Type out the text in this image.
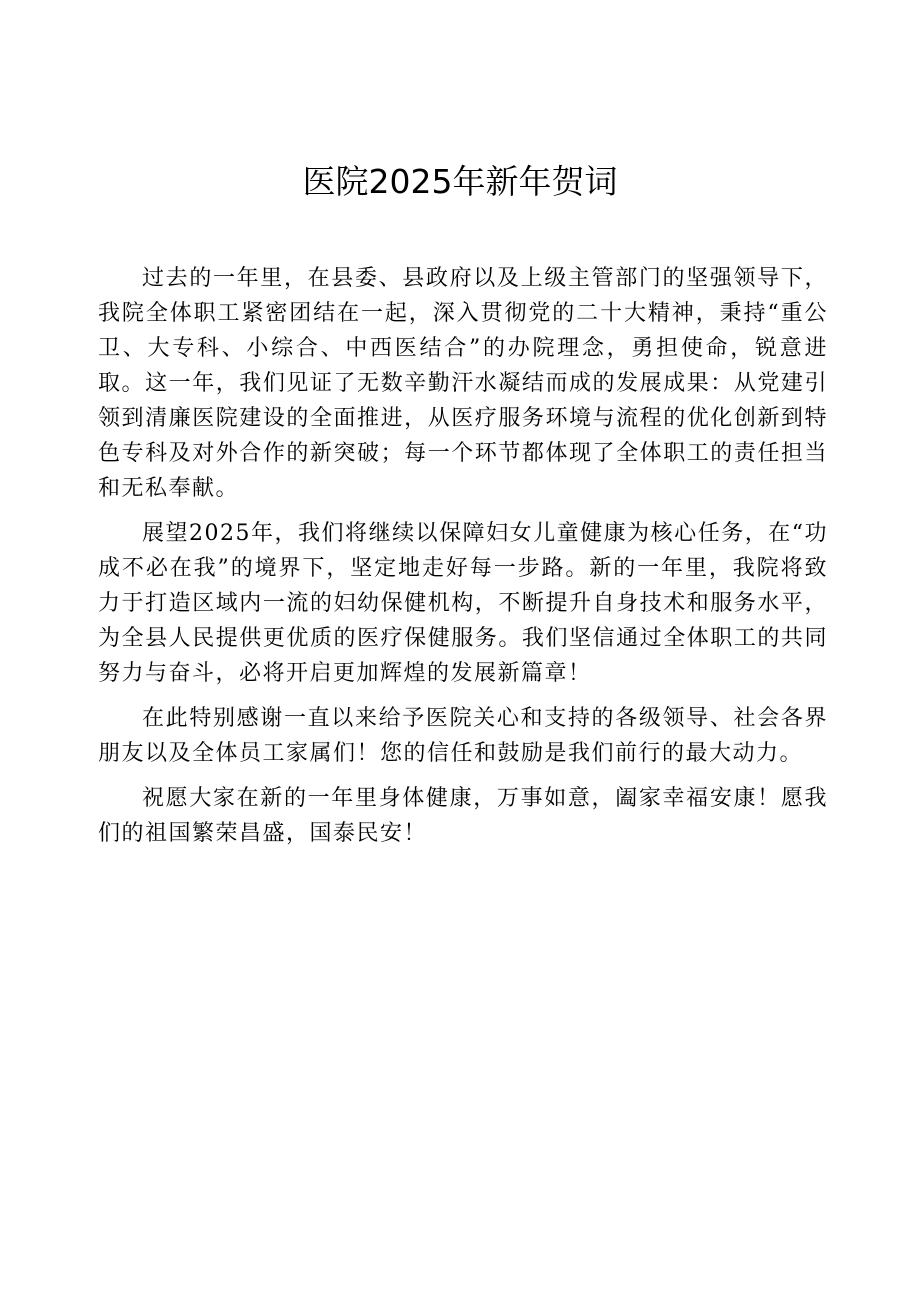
医院2025年新年贺词

过去的一年里，在县委、县政府以及上级主管部门的坚强领导下，我院全体职工紧密团结在一起，深入贯彻党的二十大精神，秉持“重公卫、大专科、小综合、中西医结合”的办院理念，勇担使命，锐意进取。这一年，我们见证了无数辛勤汗水凝结而成的发展成果：从党建引领到清廉医院建设的全面推进，从医疗服务环境与流程的优化创新到特色专科及对外合作的新突破；每一个环节都体现了全体职工的责任担当和无私奉献。

展望2025年，我们将继续以保障妇女儿童健康为核心任务，在“功成不必在我”的境界下，坚定地走好每一步路。新的一年里，我院将致力于打造区域内一流的妇幼保健机构，不断提升自身技术和服务水平，为全县人民提供更优质的医疗保健服务。我们坚信通过全体职工的共同努力与奋斗，必将开启更加辉煌的发展新篇章！

在此特别感谢一直以来给予医院关心和支持的各级领导、社会各界朋友以及全体员工家属们！您的信任和鼓励是我们前行的最大动力。

祝愿大家在新的一年里身体健康，万事如意，阖家幸福安康！愿我们的祖国繁荣昌盛，国泰民安！
